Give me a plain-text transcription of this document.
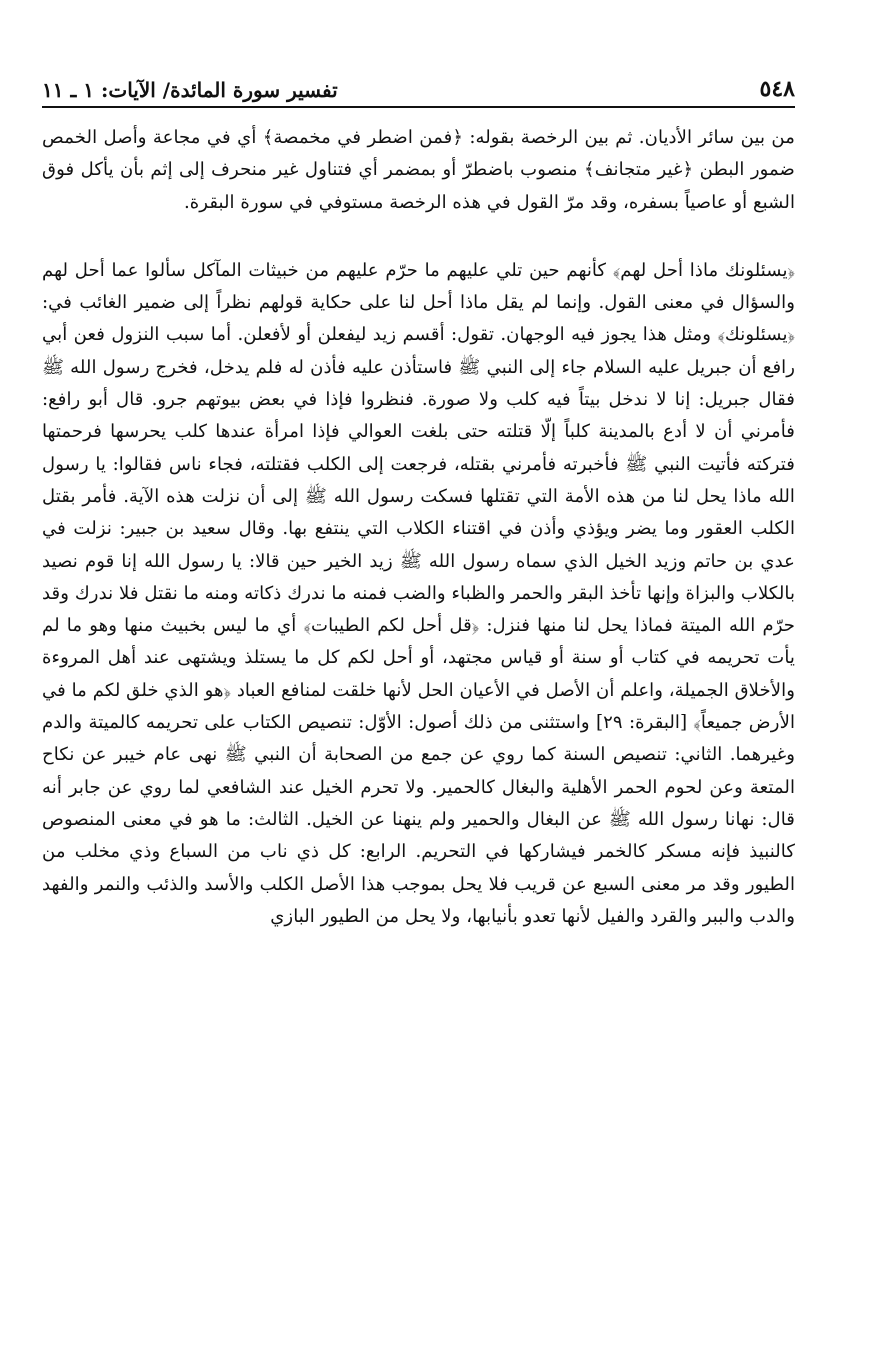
٥٤٨
تفسير سورة المائدة/ الآيات: ١ ـ ١١

من بين سائر الأديان. ثم بين الرخصة بقوله: ﴿فمن اضطر في مخمصة﴾ أي في مجاعة وأصل الخمص ضمور البطن ﴿غير متجانف﴾ منصوب باضطرّ أو بمضمر أي فتناول غير منحرف إلى إثم بأن يأكل فوق الشبع أو عاصياً بسفره، وقد مرّ القول في هذه الرخصة مستوفي في سورة البقرة.

﴿يسئلونك ماذا أحل لهم﴾ كأنهم حين تلي عليهم ما حرّم عليهم من خبيثات المآكل سألوا عما أحل لهم والسؤال في معنى القول. وإنما لم يقل ماذا أحل لنا على حكاية قولهم نظراً إلى ضمير الغائب في: ﴿يسئلونك﴾ ومثل هذا يجوز فيه الوجهان. تقول: أقسم زيد ليفعلن أو لأفعلن. أما سبب النزول فعن أبي رافع أن جبريل عليه السلام جاء إلى النبي ﷺ فاستأذن عليه فأذن له فلم يدخل، فخرج رسول الله ﷺ فقال جبريل: إنا لا ندخل بيتاً فيه كلب ولا صورة. فنظروا فإذا في بعض بيوتهم جرو. قال أبو رافع: فأمرني أن لا أدع بالمدينة كلباً إلّا قتلته حتى بلغت العوالي فإذا امرأة عندها كلب يحرسها فرحمتها فتركته فأتيت النبي ﷺ فأخبرته فأمرني بقتله، فرجعت إلى الكلب فقتلته، فجاء ناس فقالوا: يا رسول الله ماذا يحل لنا من هذه الأمة التي تقتلها فسكت رسول الله ﷺ إلى أن نزلت هذه الآية. فأمر بقتل الكلب العقور وما يضر ويؤذي وأذن في اقتناء الكلاب التي ينتفع بها. وقال سعيد بن جبير: نزلت في عدي بن حاتم وزيد الخيل الذي سماه رسول الله ﷺ زيد الخير حين قالا: يا رسول الله إنا قوم نصيد بالكلاب والبزاة وإنها تأخذ البقر والحمر والظباء والضب فمنه ما ندرك ذكاته ومنه ما نقتل فلا ندرك وقد حرّم الله الميتة فماذا يحل لنا منها فنزل: ﴿قل أحل لكم الطيبات﴾ أي ما ليس بخبيث منها وهو ما لم يأت تحريمه في كتاب أو سنة أو قياس مجتهد، أو أحل لكم كل ما يستلذ ويشتهى عند أهل المروءة والأخلاق الجميلة، واعلم أن الأصل في الأعيان الحل لأنها خلقت لمنافع العباد ﴿هو الذي خلق لكم ما في الأرض جميعاً﴾ [البقرة: ٢٩] واستثنى من ذلك أصول: الأوّل: تنصيص الكتاب على تحريمه كالميتة والدم وغيرهما. الثاني: تنصيص السنة كما روي عن جمع من الصحابة أن النبي ﷺ نهى عام خيبر عن نكاح المتعة وعن لحوم الحمر الأهلية والبغال كالحمير. ولا تحرم الخيل عند الشافعي لما روي عن جابر أنه قال: نهانا رسول الله ﷺ عن البغال والحمير ولم ينهنا عن الخيل. الثالث: ما هو في معنى المنصوص كالنبيذ فإنه مسكر كالخمر فيشاركها في التحريم. الرابع: كل ذي ناب من السباع وذي مخلب من الطيور وقد مر معنى السبع عن قريب فلا يحل بموجب هذا الأصل الكلب والأسد والذئب والنمر والفهد والدب والببر والقرد والفيل لأنها تعدو بأنيابها، ولا يحل من الطيور البازي
